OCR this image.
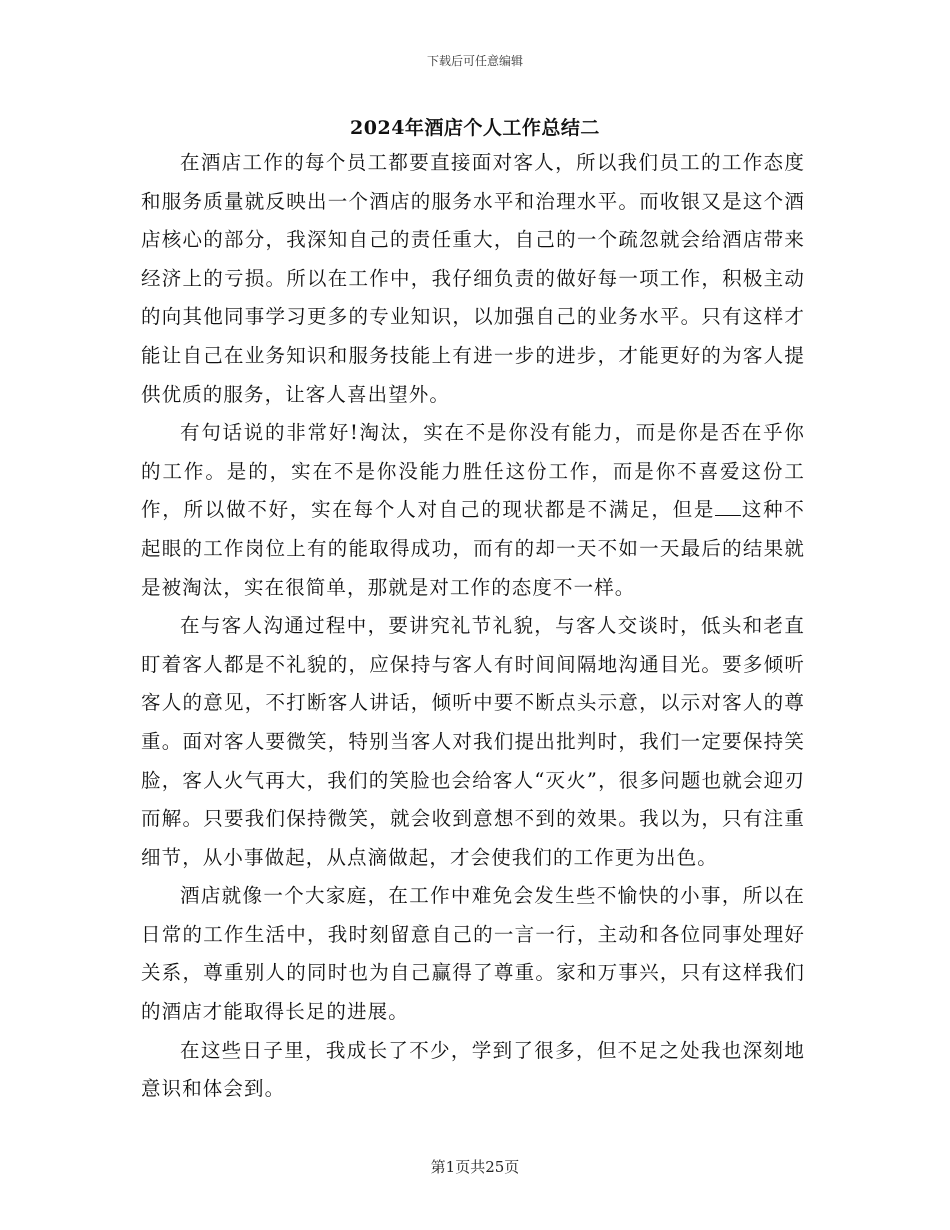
下载后可任意编辑
2024年酒店个人工作总结二

在酒店工作的每个员工都要直接面对客人，所以我们员工的工作态度和服务质量就反映出一个酒店的服务水平和治理水平。而收银又是这个酒店核心的部分，我深知自己的责任重大，自己的一个疏忽就会给酒店带来经济上的亏损。所以在工作中，我仔细负责的做好每一项工作，积极主动的向其他同事学习更多的专业知识，以加强自己的业务水平。只有这样才能让自己在业务知识和服务技能上有进一步的进步，才能更好的为客人提供优质的服务，让客人喜出望外。

有句话说的非常好!淘汰，实在不是你没有能力，而是你是否在乎你的工作。是的，实在不是你没能力胜任这份工作，而是你不喜爱这份工作，所以做不好，实在每个人对自己的现状都是不满足，但是 这种不起眼的工作岗位上有的能取得成功，而有的却一天不如一天最后的结果就是被淘汰，实在很简单，那就是对工作的态度不一样。

在与客人沟通过程中，要讲究礼节礼貌，与客人交谈时，低头和老直盯着客人都是不礼貌的，应保持与客人有时间间隔地沟通目光。要多倾听客人的意见，不打断客人讲话，倾听中要不断点头示意，以示对客人的尊重。面对客人要微笑，特别当客人对我们提出批判时，我们一定要保持笑脸，客人火气再大，我们的笑脸也会给客人“灭火”，很多问题也就会迎刃而解。只要我们保持微笑，就会收到意想不到的效果。我以为，只有注重细节，从小事做起，从点滴做起，才会使我们的工作更为出色。

酒店就像一个大家庭，在工作中难免会发生些不愉快的小事，所以在日常的工作生活中，我时刻留意自己的一言一行，主动和各位同事处理好关系，尊重别人的同时也为自己赢得了尊重。家和万事兴，只有这样我们的酒店才能取得长足的进展。

在这些日子里，我成长了不少，学到了很多，但不足之处我也深刻地意识和体会到。

第1页共25页
